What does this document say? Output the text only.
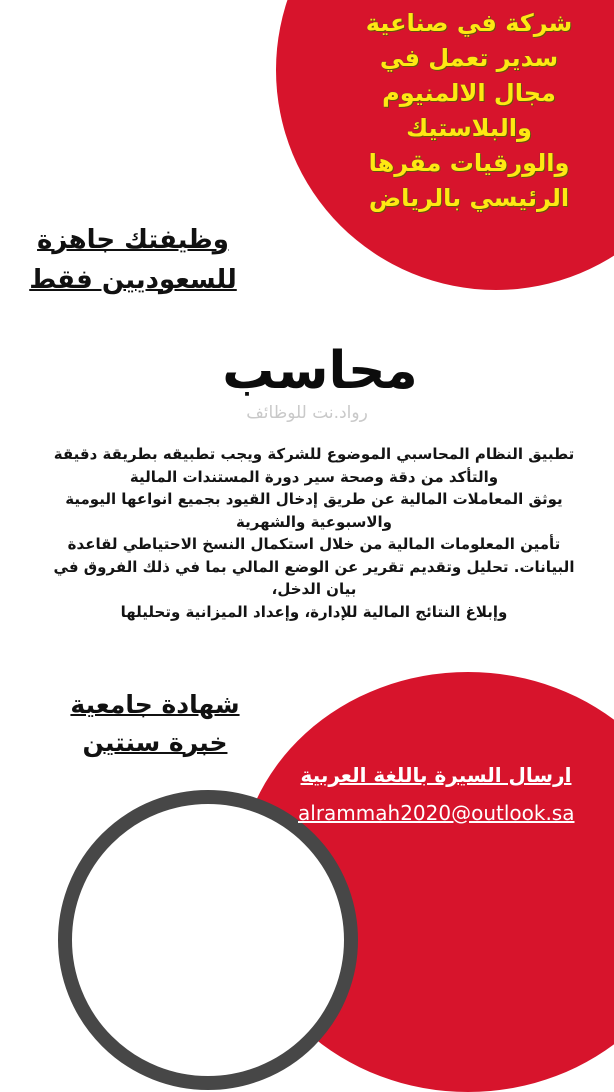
شركة في صناعية
سدير تعمل في
مجال الالمنيوم
والبلاستيك
والورقيات مقرها
الرئيسي بالرياض
وظيفتك جاهزة
للسعوديين فقط
محاسب
رواد.نت للوظائف
تطبيق النظام المحاسبي الموضوع للشركة ويجب تطبيقه بطريقة دقيقة
والتأكد من دقة وصحة سير دورة المستندات المالية
يوثق المعاملات المالية عن طريق إدخال القيود بجميع انواعها اليومية
والاسبوعية والشهرية
تأمين المعلومات المالية من خلال استكمال النسخ الاحتياطي لقاعدة
البيانات. تحليل وتقديم تقرير عن الوضع المالي بما في ذلك الفروق في
بيان الدخل،
وإبلاغ النتائج المالية للإدارة، وإعداد الميزانية وتحليلها
شهادة جامعية
خبرة سنتين
ارسال السيرة باللغة العربية
alrammah2020@outlook.sa
